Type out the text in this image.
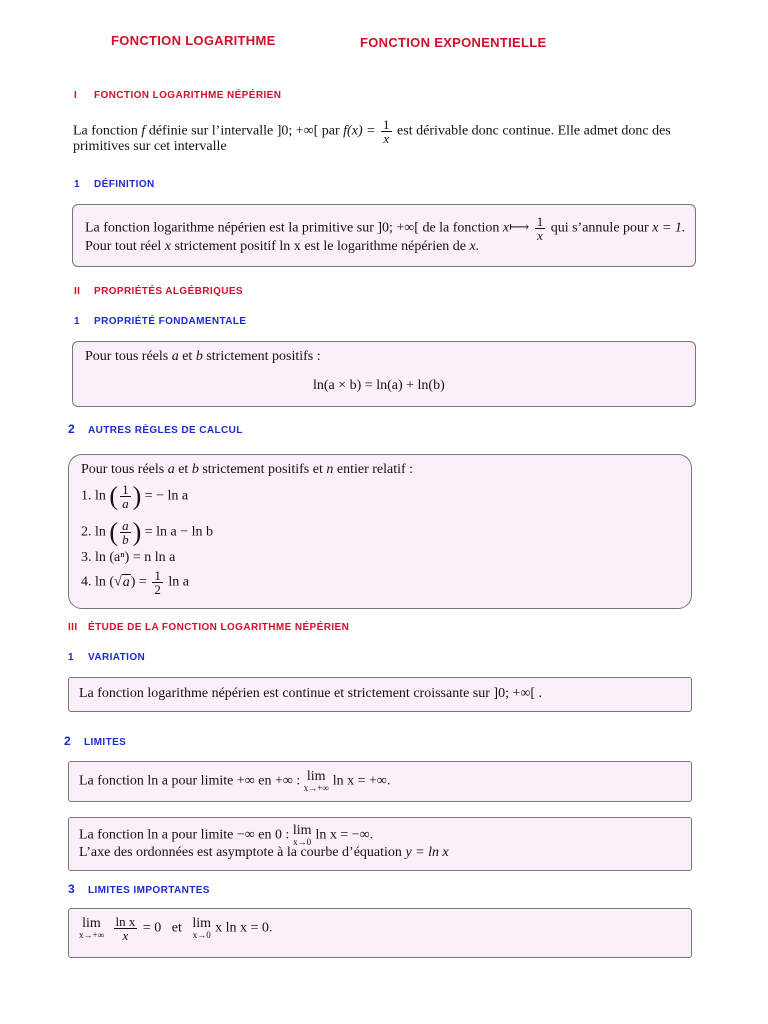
FONCTION LOGARITHME	FONCTION EXPONENTIELLE
I FONCTION LOGARITHME NÉPÉRIEN
La fonction f définie sur l’intervalle ]0; +∞[ par $f(x) = \frac{1}{x}$ est dérivable donc continue. Elle admet donc des
primitives sur cet intervalle
1 DÉFINITION
La fonction logarithme népérien est la primitive sur ]0; +∞[ de la fonction x⟼ $\frac{1}{x}$ qui s’annule pour x = 1.
Pour tout réel x strictement positif ln x est le logarithme népérien de x.
II PROPRIÉTÉS ALGÉBRIQUES
1 PROPRIÉTÉ FONDAMENTALE
Pour tous réels a et b strictement positifs :
ln(a × b) = ln(a) + ln(b)
2 AUTRES RÈGLES DE CALCUL
Pour tous réels a et b strictement positifs et n entier relatif :
1. ln ( $\frac{1}{a}$ ) = − ln a
2. ln ( $\frac{a}{b}$ ) = ln a − ln b
3. ln (aⁿ) = n ln a
4. $\ln (√a) = \frac{1}{2}$ ln a
III ÉTUDE DE LA FONCTION LOGARITHME NÉPÉRIEN
1 VARIATION
La fonction logarithme népérien est continue et strictement croissante sur ]0; +∞[ .
2 LIMITES
La fonction ln a pour limite +∞ en +∞ : lim
x→+∞ ln x = +∞.
La fonction ln a pour limite −∞ en 0 : lim
x→0 ln x = −∞.
L’axe des ordonnées est asymptote à la courbe d’équation y = ln x
3 LIMITES IMPORTANTES
lim
x→+∞
$\frac{\text{ln x}}{x} = 0$ et lim
x→0 x ln x = 0.
